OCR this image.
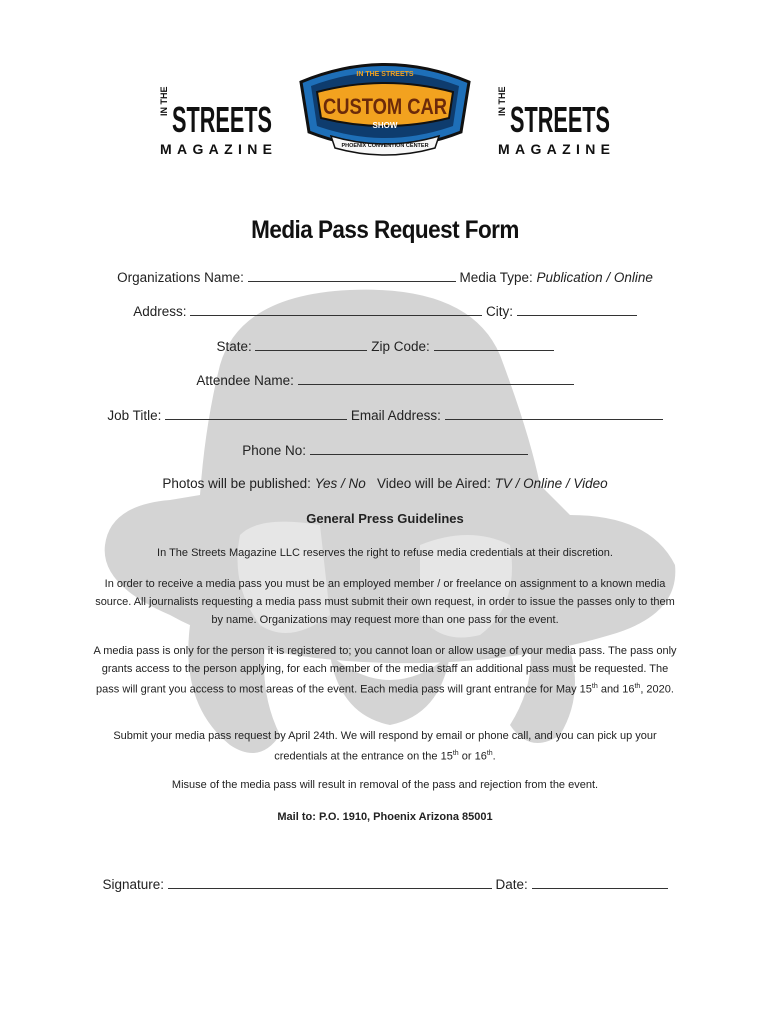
IN THE STREETS
MAGAZINE
IN THE STREETS
CUSTOM CAR
SHOW
PHOENIX CONVENTION CENTER
IN THE STREETS
MAGAZINE
Media Pass Request Form
Organizations Name:	Media Type: Publication / Online
Address:	City:
State:	Zip Code:
Attendee Name:
Job Title:	Email Address:
Phone No:
Photos will be published: Yes / No Video will be Aired: TV / Online / Video
General Press Guidelines
In The Streets Magazine LLC reserves the right to refuse media credentials at their discretion.
In order to receive a media pass you must be an employed member / or freelance on assignment to a known media source. All journalists requesting a media pass must submit their own request, in order to issue the passes only to them by name. Organizations may request more than one pass for the event.
A media pass is only for the person it is registered to; you cannot loan or allow usage of your media pass. The pass only grants access to the person applying, for each member of the media staff an additional pass must be requested. The pass will grant you access to most areas of the event. Each media pass will grant entrance for May 15th and 16th, 2020.
Submit your media pass request by April 24th. We will respond by email or phone call, and you can pick up your credentials at the entrance on the 15th or 16th.
Misuse of the media pass will result in removal of the pass and rejection from the event.
Mail to: P.O. 1910, Phoenix Arizona 85001
Signature:	Date:
